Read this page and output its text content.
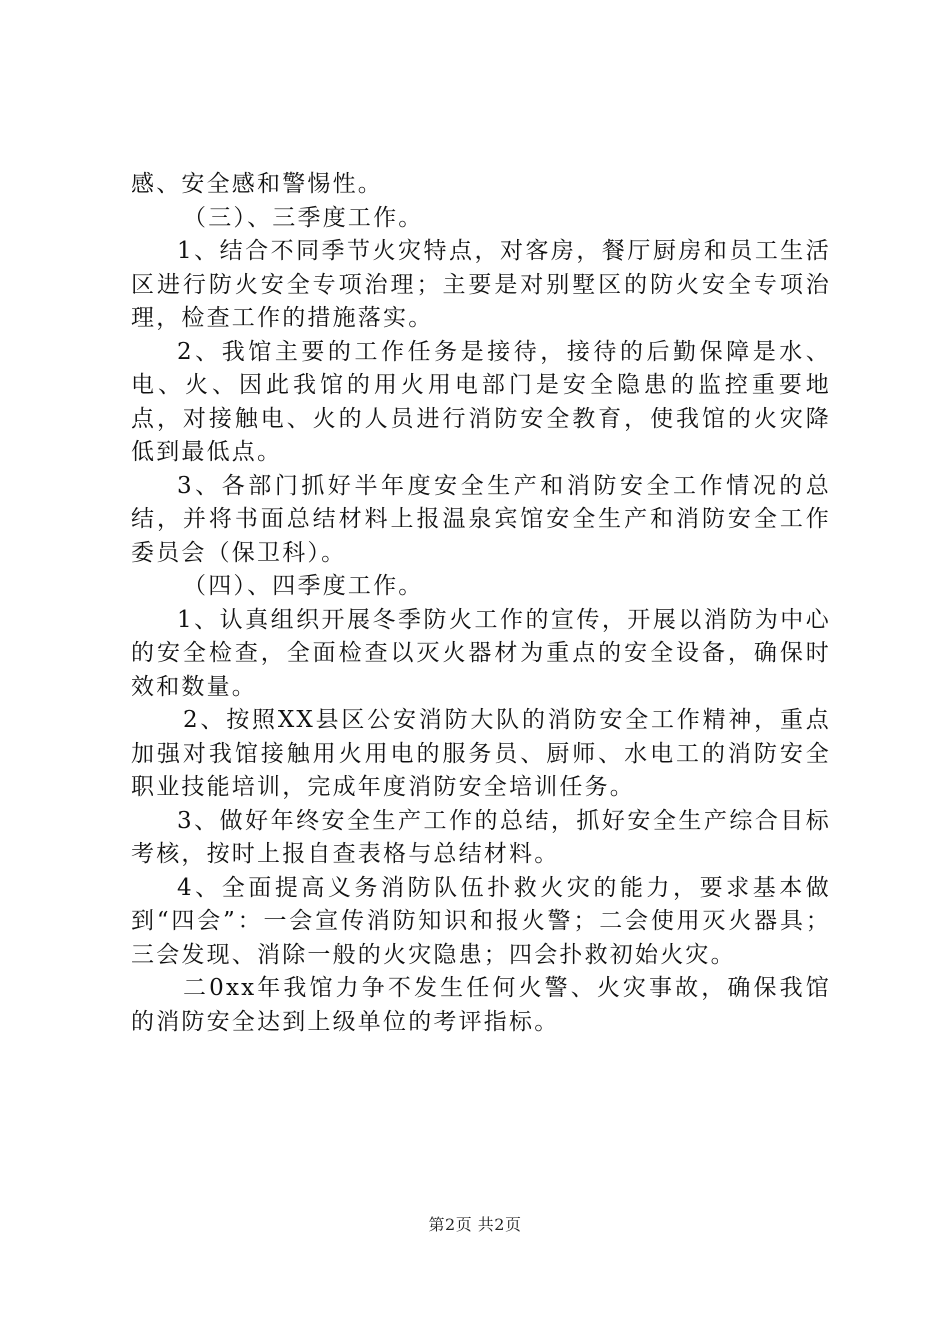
感、安全感和警惕性。

（三）、三季度工作。

1、结合不同季节火灾特点，对客房，餐厅厨房和员工生活区进行防火安全专项治理；主要是对别墅区的防火安全专项治理，检查工作的措施落实。

2、我馆主要的工作任务是接待，接待的后勤保障是水、电、火、因此我馆的用火用电部门是安全隐患的监控重要地点，对接触电、火的人员进行消防安全教育，使我馆的火灾降低到最低点。

3、各部门抓好半年度安全生产和消防安全工作情况的总结，并将书面总结材料上报温泉宾馆安全生产和消防安全工作委员会（保卫科）。

（四）、四季度工作。

1、认真组织开展冬季防火工作的宣传，开展以消防为中心的安全检查，全面检查以灭火器材为重点的安全设备，确保时效和数量。

2、按照XX县区公安消防大队的消防安全工作精神，重点加强对我馆接触用火用电的服务员、厨师、水电工的消防安全职业技能培训，完成年度消防安全培训任务。

3、做好年终安全生产工作的总结，抓好安全生产综合目标考核，按时上报自查表格与总结材料。

4、全面提高义务消防队伍扑救火灾的能力，要求基本做到“四会”：一会宣传消防知识和报火警；二会使用灭火器具；三会发现、消除一般的火灾隐患；四会扑救初始火灾。

二0xx年我馆力争不发生任何火警、火灾事故，确保我馆的消防安全达到上级单位的考评指标。

第2页 共2页
